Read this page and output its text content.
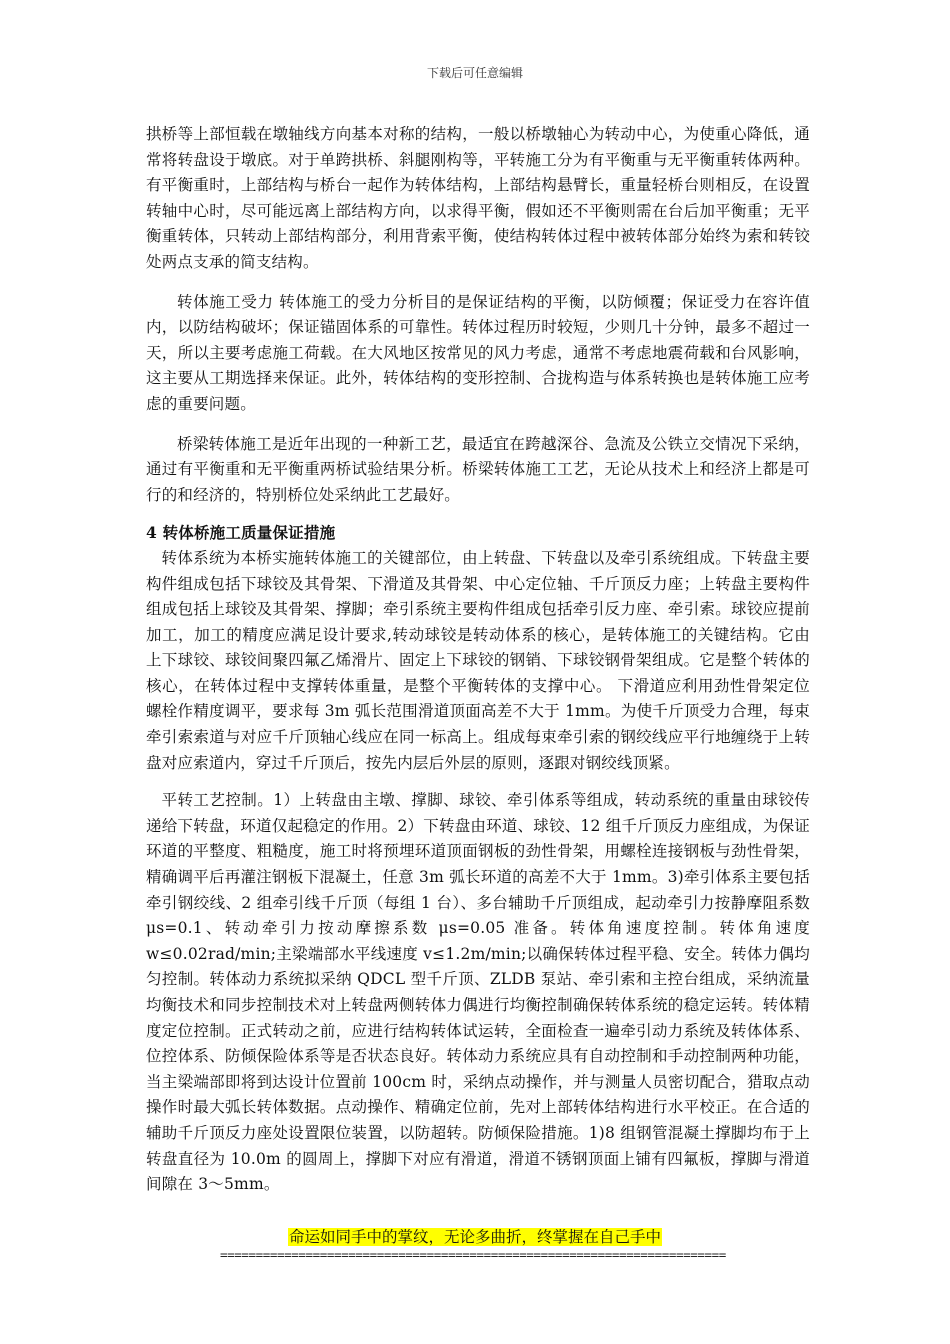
下载后可任意编辑

拱桥等上部恒载在墩轴线方向基本对称的结构，一般以桥墩轴心为转动中心，为使重心降低，通常将转盘设于墩底。对于单跨拱桥、斜腿刚构等，平转施工分为有平衡重与无平衡重转体两种。有平衡重时，上部结构与桥台一起作为转体结构，上部结构悬臂长，重量轻桥台则相反，在设置转轴中心时，尽可能远离上部结构方向，以求得平衡，假如还不平衡则需在台后加平衡重；无平衡重转体，只转动上部结构部分，利用背索平衡，使结构转体过程中被转体部分始终为索和转铰处两点支承的简支结构。

转体施工受力 转体施工的受力分析目的是保证结构的平衡，以防倾覆；保证受力在容许值内，以防结构破坏；保证锚固体系的可靠性。转体过程历时较短，少则几十分钟，最多不超过一天，所以主要考虑施工荷载。在大风地区按常见的风力考虑，通常不考虑地震荷载和台风影响，这主要从工期选择来保证。此外，转体结构的变形控制、合拢构造与体系转换也是转体施工应考虑的重要问题。

桥梁转体施工是近年出现的一种新工艺，最适宜在跨越深谷、急流及公铁立交情况下采纳，通过有平衡重和无平衡重两桥试验结果分析。桥梁转体施工工艺，无论从技术上和经济上都是可行的和经济的，特别桥位处采纳此工艺最好。

4 转体桥施工质量保证措施

转体系统为本桥实施转体施工的关键部位，由上转盘、下转盘以及牵引系统组成。下转盘主要构件组成包括下球铰及其骨架、下滑道及其骨架、中心定位轴、千斤顶反力座；上转盘主要构件组成包括上球铰及其骨架、撑脚；牵引系统主要构件组成包括牵引反力座、牵引索。球铰应提前加工，加工的精度应满足设计要求,转动球铰是转动体系的核心，是转体施工的关键结构。它由上下球铰、球铰间聚四氟乙烯滑片、固定上下球铰的钢销、下球铰钢骨架组成。它是整个转体的核心，在转体过程中支撑转体重量，是整个平衡转体的支撑中心。 下滑道应利用劲性骨架定位螺栓作精度调平，要求每 3m 弧长范围滑道顶面高差不大于 1mm。为使千斤顶受力合理，每束牵引索索道与对应千斤顶轴心线应在同一标高上。组成每束牵引索的钢绞线应平行地缠绕于上转盘对应索道内，穿过千斤顶后，按先内层后外层的原则，逐跟对钢绞线顶紧。

平转工艺控制。1）上转盘由主墩、撑脚、球铰、牵引体系等组成，转动系统的重量由球铰传递给下转盘，环道仅起稳定的作用。2）下转盘由环道、球铰、12 组千斤顶反力座组成，为保证环道的平整度、粗糙度，施工时将预埋环道顶面钢板的劲性骨架，用螺栓连接钢板与劲性骨架，精确调平后再灌注钢板下混凝土，任意 3m 弧长环道的高差不大于 1mm。3)牵引体系主要包括牵引钢绞线、2 组牵引线千斤顶（每组 1 台）、多台辅助千斤顶组成，起动牵引力按静摩阻系数 μs=0.1、转动牵引力按动摩擦系数 μs=0.05 准备。转体角速度控制。转体角速度 w≤0.02rad/min;主梁端部水平线速度 v≤1.2m/min;以确保转体过程平稳、安全。转体力偶均匀控制。转体动力系统拟采纳 QDCL 型千斤顶、ZLDB 泵站、牵引索和主控台组成，采纳流量均衡技术和同步控制技术对上转盘两侧转体力偶进行均衡控制确保转体系统的稳定运转。转体精度定位控制。正式转动之前，应进行结构转体试运转，全面检查一遍牵引动力系统及转体体系、位控体系、防倾保险体系等是否状态良好。转体动力系统应具有自动控制和手动控制两种功能，当主梁端部即将到达设计位置前 100cm 时，采纳点动操作，并与测量人员密切配合，猎取点动操作时最大弧长转体数据。点动操作、精确定位前，先对上部转体结构进行水平校正。在合适的辅助千斤顶反力座处设置限位装置，以防超转。防倾保险措施。1)8 组钢管混凝土撑脚均布于上转盘直径为 10.0m 的圆周上，撑脚下对应有滑道，滑道不锈钢顶面上铺有四氟板，撑脚与滑道间隙在 3～5mm。

命运如同手中的掌纹，无论多曲折，终掌握在自己手中
=======================================================================
